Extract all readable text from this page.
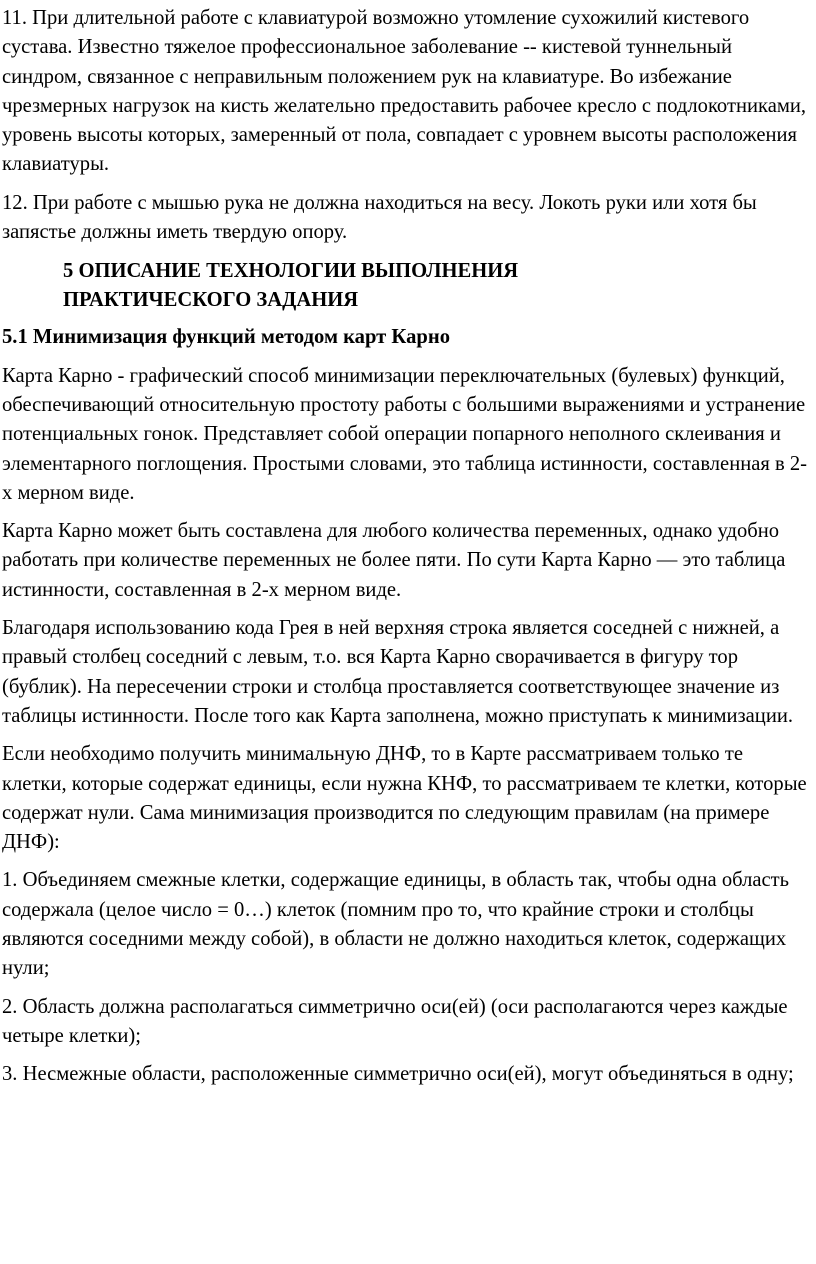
11. При длительной работе с клавиатурой возможно утомление сухожилий кистевого сустава. Известно тяжелое профессиональное заболевание -- кистевой туннельный синдром, связанное с неправильным положением рук на клавиатуре. Во избежание чрезмерных нагрузок на кисть желательно предоставить рабочее кресло с подлокотниками, уровень высоты которых, замеренный от пола, совпадает с уровнем высоты расположения клавиатуры.

12. При работе с мышью рука не должна находиться на весу. Локоть руки или хотя бы запястье должны иметь твердую опору.

5 ОПИСАНИЕ ТЕХНОЛОГИИ ВЫПОЛНЕНИЯ
ПРАКТИЧЕСКОГО ЗАДАНИЯ

5.1 Минимизация функций методом карт Карно

Карта Карно - графический способ минимизации переключательных (булевых) функций, обеспечивающий относительную простоту работы с большими выражениями и устранение потенциальных гонок. Представляет собой операции попарного неполного склеивания и элементарного поглощения. Простыми словами, это таблица истинности, составленная в 2-х мерном виде.

Карта Карно может быть составлена для любого количества переменных, однако удобно работать при количестве переменных не более пяти. По сути Карта Карно — это таблица истинности, составленная в 2-х мерном виде.

Благодаря использованию кода Грея в ней верхняя строка является соседней с нижней, а правый столбец соседний с левым, т.о. вся Карта Карно сворачивается в фигуру тор (бублик). На пересечении строки и столбца проставляется соответствующее значение из таблицы истинности. После того как Карта заполнена, можно приступать к минимизации.

Если необходимо получить минимальную ДНФ, то в Карте рассматриваем только те клетки, которые содержат единицы, если нужна КНФ, то рассматриваем те клетки, которые содержат нули. Сама минимизация производится по следующим правилам (на примере ДНФ):

1. Объединяем смежные клетки, содержащие единицы, в область так, чтобы одна область содержала (целое число = 0…) клеток (помним про то, что крайние строки и столбцы являются соседними между собой), в области не должно находиться клеток, содержащих нули;

2. Область должна располагаться симметрично оси(ей) (оси располагаются через каждые четыре клетки);

3. Несмежные области, расположенные симметрично оси(ей), могут объединяться в одну;
